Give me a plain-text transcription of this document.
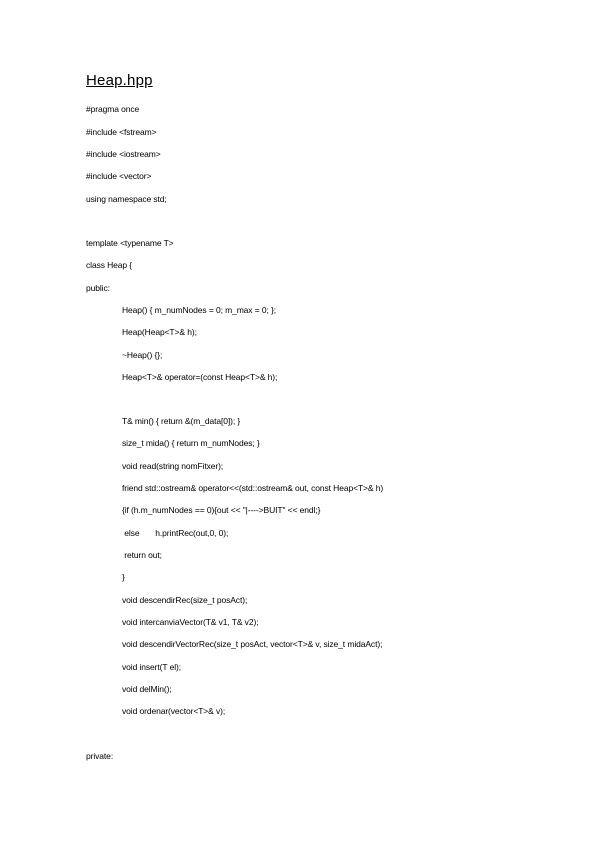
Heap.hpp
#pragma once
#include <fstream>
#include <iostream>
#include <vector>
using namespace std;
template <typename T>
class Heap {
public:
Heap() { m_numNodes = 0; m_max = 0; };
Heap(Heap<T>& h);
~Heap() {};
Heap<T>& operator=(const Heap<T>& h);
T& min() { return &(m_data[0]); }
size_t mida() { return m_numNodes; }
void read(string nomFitxer);
friend std::ostream& operator<<(std::ostream& out, const Heap<T>& h)
{if (h.m_numNodes == 0){out << "|---->BUIT" << endl;}
else       h.printRec(out,0, 0);
return out;
}
void descendirRec(size_t posAct);
void intercanviaVector(T& v1, T& v2);
void descendirVectorRec(size_t posAct, vector<T>& v, size_t midaAct);
void insert(T el);
void delMin();
void ordenar(vector<T>& v);
private:
